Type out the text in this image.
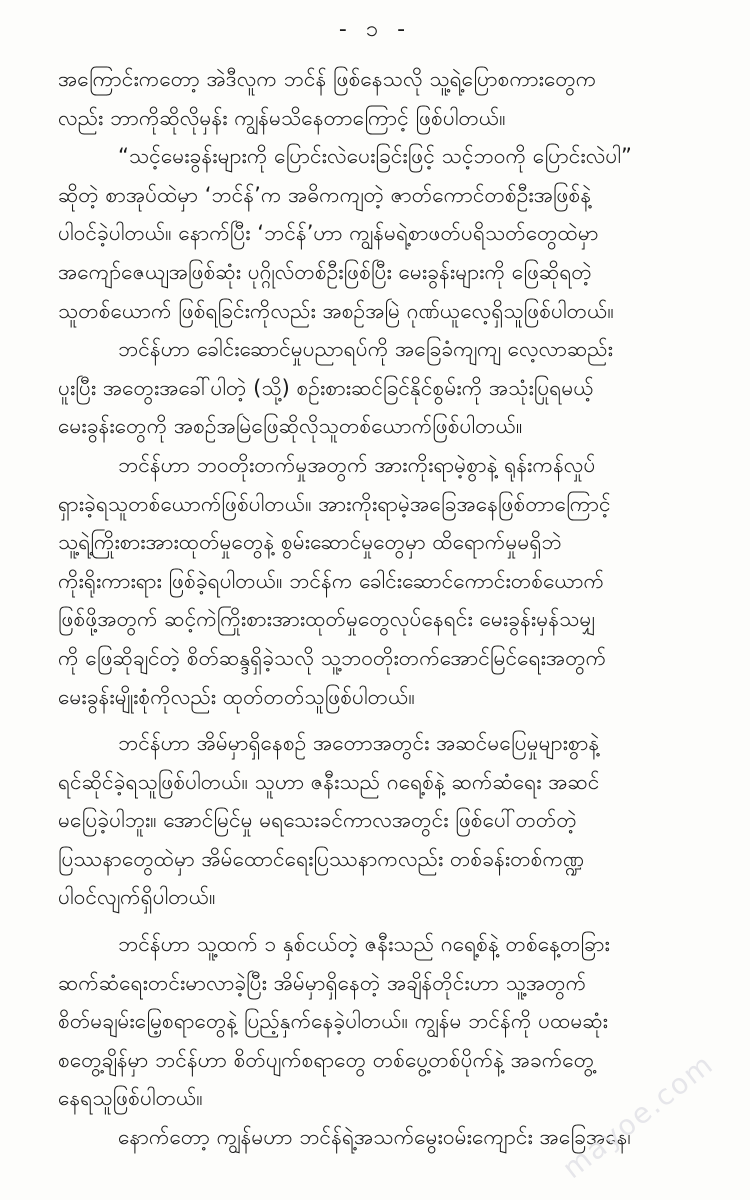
- ၁ -
အကြောင်းကတော့ အဲဒီလူက ဘင်န် ဖြစ်နေသလို သူ့ရဲ့ပြောစကားတွေက
လည်း ဘာကိုဆိုလိုမှန်း ကျွန်မသိနေတာကြောင့် ဖြစ်ပါတယ်။
“သင့်မေးခွန်းများကို ပြောင်းလဲပေးခြင်းဖြင့် သင့်ဘဝကို ပြောင်းလဲပါ”
ဆိုတဲ့ စာအုပ်ထဲမှာ ‘ဘင်န်’က အဓိကကျတဲ့ ဇာတ်ကောင်တစ်ဦးအဖြစ်နဲ့
ပါဝင်ခဲ့ပါတယ်။ နောက်ပြီး ‘ဘင်န်’ဟာ ကျွန်မရဲ့စာဖတ်ပရိသတ်တွေထဲမှာ
အကျော်ဇေယျအဖြစ်ဆုံး ပုဂ္ဂိုလ်တစ်ဦးဖြစ်ပြီး မေးခွန်းများကို ဖြေဆိုရတဲ့
သူတစ်ယောက် ဖြစ်ရခြင်းကိုလည်း အစဉ်အမြဲ ဂုဏ်ယူလေ့ရှိသူဖြစ်ပါတယ်။
ဘင်န်ဟာ ခေါင်းဆောင်မှုပညာရပ်ကို အခြေခံကျကျ လေ့လာဆည်း
ပူးပြီး အတွေးအခေါ်ပါတဲ့ (သို့) စဉ်းစားဆင်ခြင်နိုင်စွမ်းကို အသုံးပြုရမယ့်
မေးခွန်းတွေကို အစဉ်အမြဲဖြေဆိုလိုသူတစ်ယောက်ဖြစ်ပါတယ်။
ဘင်န်ဟာ ဘဝတိုးတက်မှုအတွက် အားကိုးရာမဲ့စွာနဲ့ ရုန်းကန်လှုပ်
ရှားခဲ့ရသူတစ်ယောက်ဖြစ်ပါတယ်။ အားကိုးရာမဲ့အခြေအနေဖြစ်တာကြောင့်
သူ့ရဲ့ကြိုးစားအားထုတ်မှုတွေနဲ့ စွမ်းဆောင်မှုတွေမှာ ထိရောက်မှုမရှိဘဲ
ကိုးရိုးကားရား ဖြစ်ခဲ့ရပါတယ်။ ဘင်န်က ခေါင်းဆောင်ကောင်းတစ်ယောက်
ဖြစ်ဖို့အတွက် ဆင့်ကဲကြိုးစားအားထုတ်မှုတွေလုပ်နေရင်း မေးခွန်းမှန်သမျှ
ကို ဖြေဆိုချင်တဲ့ စိတ်ဆန္ဒရှိခဲ့သလို သူ့ဘဝတိုးတက်အောင်မြင်ရေးအတွက်
မေးခွန်းမျိုးစုံကိုလည်း ထုတ်တတ်သူဖြစ်ပါတယ်။
ဘင်န်ဟာ အိမ်မှာရှိနေစဉ် အတောအတွင်း အဆင်မပြေမှုများစွာနဲ့
ရင်ဆိုင်ခဲ့ရသူဖြစ်ပါတယ်။ သူဟာ ဇနီးသည် ဂရေ့စ်နဲ့ ဆက်ဆံရေး အဆင်
မပြေခဲ့ပါဘူး။ အောင်မြင်မှု မရသေးခင်ကာလအတွင်း ဖြစ်ပေါ်တတ်တဲ့
ပြဿနာတွေထဲမှာ အိမ်ထောင်ရေးပြဿနာကလည်း တစ်ခန်းတစ်ကဏ္ဍ
ပါဝင်လျက်ရှိပါတယ်။
ဘင်န်ဟာ သူ့ထက် ၁ နှစ်ငယ်တဲ့ ဇနီးသည် ဂရေ့စ်နဲ့ တစ်နေ့တခြား
ဆက်ဆံရေးတင်းမာလာခဲ့ပြီး အိမ်မှာရှိနေတဲ့ အချိန်တိုင်းဟာ သူ့အတွက်
စိတ်မချမ်းမြေ့စရာတွေနဲ့ ပြည့်နှက်နေခဲ့ပါတယ်။ ကျွန်မ ဘင်န်ကို ပထမဆုံး
စတွေ့ချိန်မှာ ဘင်န်ဟာ စိတ်ပျက်စရာတွေ တစ်ပွေ့တစ်ပိုက်နဲ့ အခက်တွေ့
နေရသူဖြစ်ပါတယ်။
နောက်တော့ ကျွန်မဟာ ဘင်န်ရဲ့အသက်မွေးဝမ်းကျောင်း အခြေအနေ၊
mayoe.com
